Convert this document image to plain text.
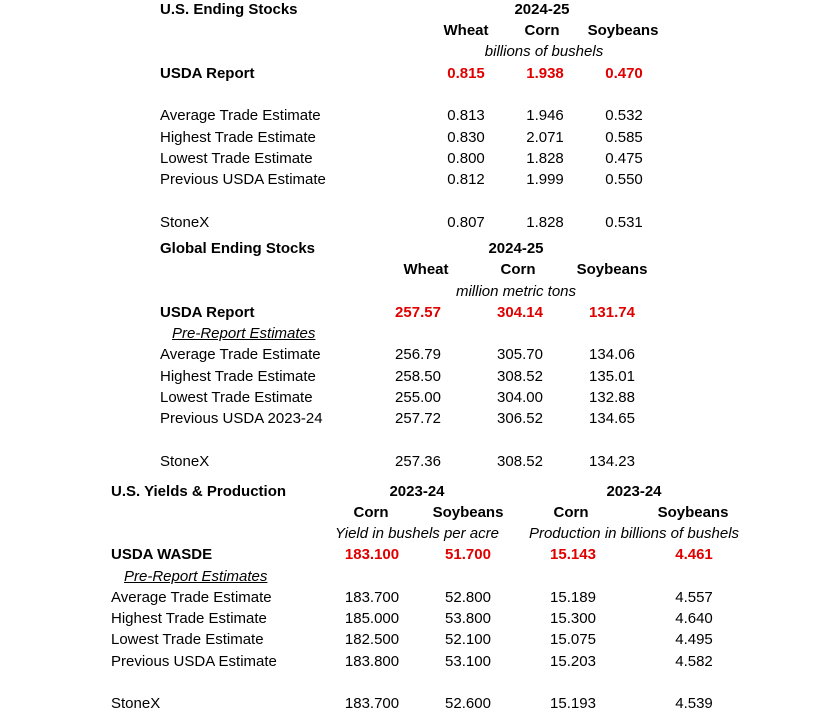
U.S. Ending Stocks	2024-25
Wheat Corn Soybeans
billions of bushels
USDA Report	0.815	1.938	0.470
Average Trade Estimate	0.813	1.946	0.532
Highest Trade Estimate	0.830	2.071	0.585
Lowest Trade Estimate	0.800	1.828	0.475
Previous USDA Estimate	0.812	1.999	0.550
StoneX	0.807	1.828	0.531
Global Ending Stocks	2024-25
Wheat	Corn	Soybeans
million metric tons
USDA Report	257.57	304.14	131.74
Pre-Report Estimates
Average Trade Estimate	256.79	305.70	134.06
Highest Trade Estimate	258.50	308.52	135.01
Lowest Trade Estimate	255.00	304.00	132.88
Previous USDA 2023-24	257.72	306.52	134.65
StoneX	257.36	308.52	134.23
U.S. Yields & Production	2023-24	2023-24
Corn	Soybeans	Corn	Soybeans
Yield in bushels per acre Production in billions of bushels
USDA WASDE	183.100	51.700	15.143	4.461
Pre-Report Estimates
Average Trade Estimate	183.700	52.800	15.189	4.557
Highest Trade Estimate	185.000	53.800	15.300	4.640
Lowest Trade Estimate	182.500	52.100	15.075	4.495
Previous USDA Estimate	183.800	53.100	15.203	4.582
StoneX	183.700	52.600	15.193	4.539
